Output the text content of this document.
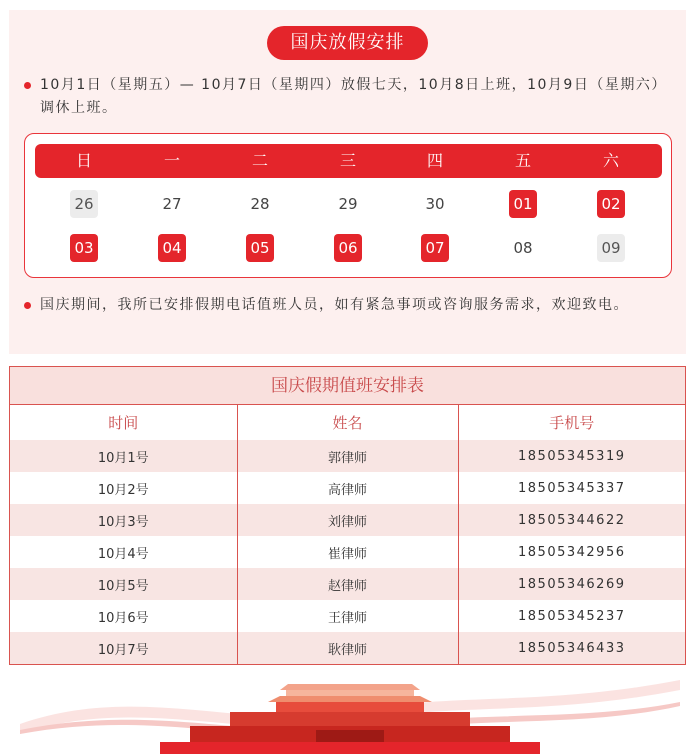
国庆放假安排

10月1日（星期五）— 10月7日（星期四）放假七天，10月8日上班，10月9日（星期六）调休上班。

日	一	二	三	四	五	六
26	27	28	29	30	01	02
03	04	05	06	07	08	09

国庆期间，我所已安排假期电话值班人员，如有紧急事项或咨询服务需求，欢迎致电。

国庆假期值班安排表
时间	姓名	手机号
10月1号	郭律师	18505345319
10月2号	高律师	18505345337
10月3号	刘律师	18505344622
10月4号	崔律师	18505342956
10月5号	赵律师	18505346269
10月6号	王律师	18505345237
10月7号	耿律师	18505346433
